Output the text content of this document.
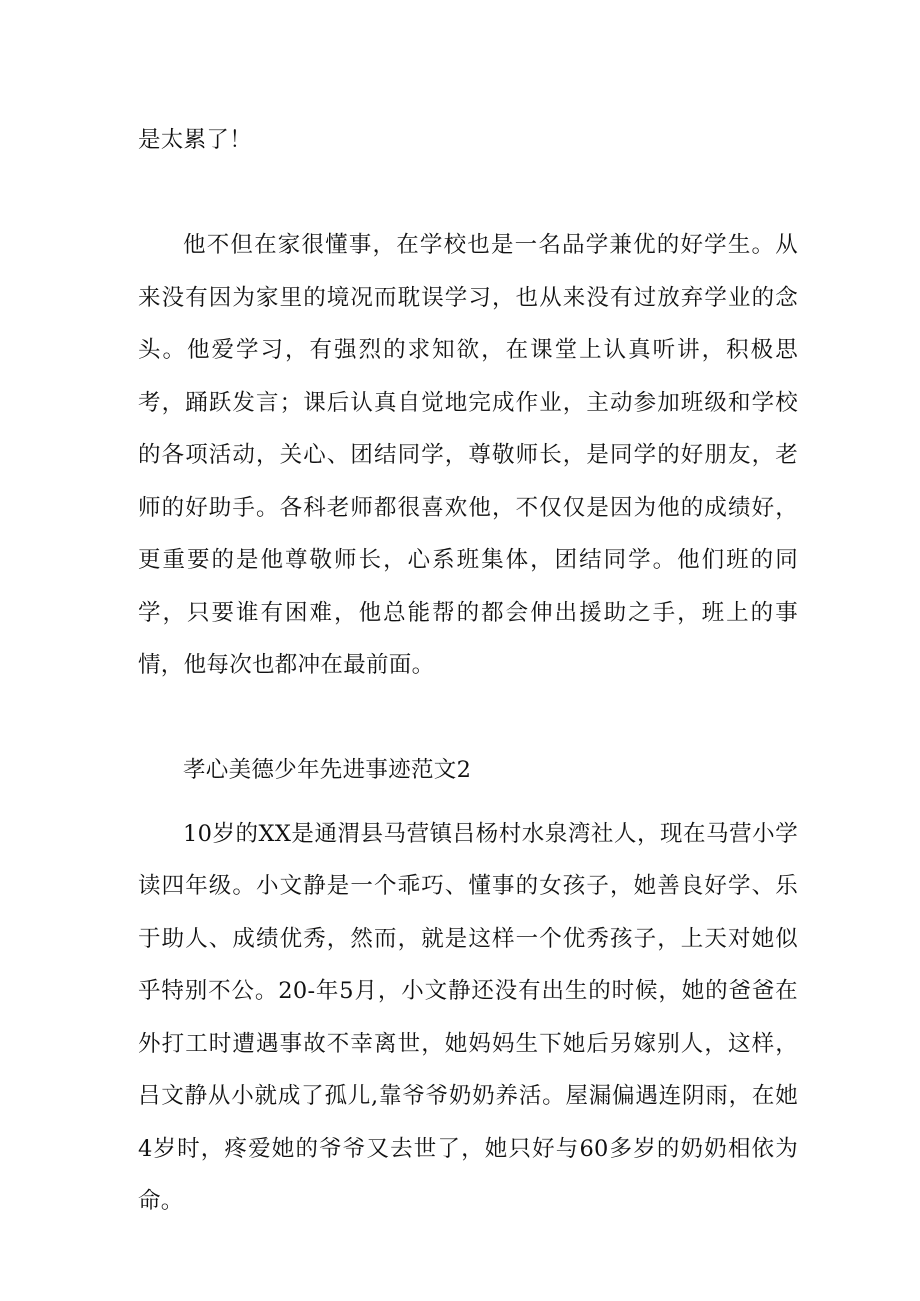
是太累了！

他不但在家很懂事，在学校也是一名品学兼优的好学生。从来没有因为家里的境况而耽误学习，也从来没有过放弃学业的念头。他爱学习，有强烈的求知欲，在课堂上认真听讲，积极思考，踊跃发言；课后认真自觉地完成作业，主动参加班级和学校的各项活动，关心、团结同学，尊敬师长，是同学的好朋友，老师的好助手。各科老师都很喜欢他，不仅仅是因为他的成绩好，更重要的是他尊敬师长，心系班集体，团结同学。他们班的同学，只要谁有困难，他总能帮的都会伸出援助之手，班上的事情，他每次也都冲在最前面。

孝心美德少年先进事迹范文2

10岁的XX是通渭县马营镇吕杨村水泉湾社人，现在马营小学读四年级。小文静是一个乖巧、懂事的女孩子，她善良好学、乐于助人、成绩优秀，然而，就是这样一个优秀孩子，上天对她似乎特别不公。20-年5月，小文静还没有出生的时候，她的爸爸在外打工时遭遇事故不幸离世，她妈妈生下她后另嫁别人，这样，吕文静从小就成了孤儿,靠爷爷奶奶养活。屋漏偏遇连阴雨，在她4岁时，疼爱她的爷爷又去世了，她只好与60多岁的奶奶相依为命。
